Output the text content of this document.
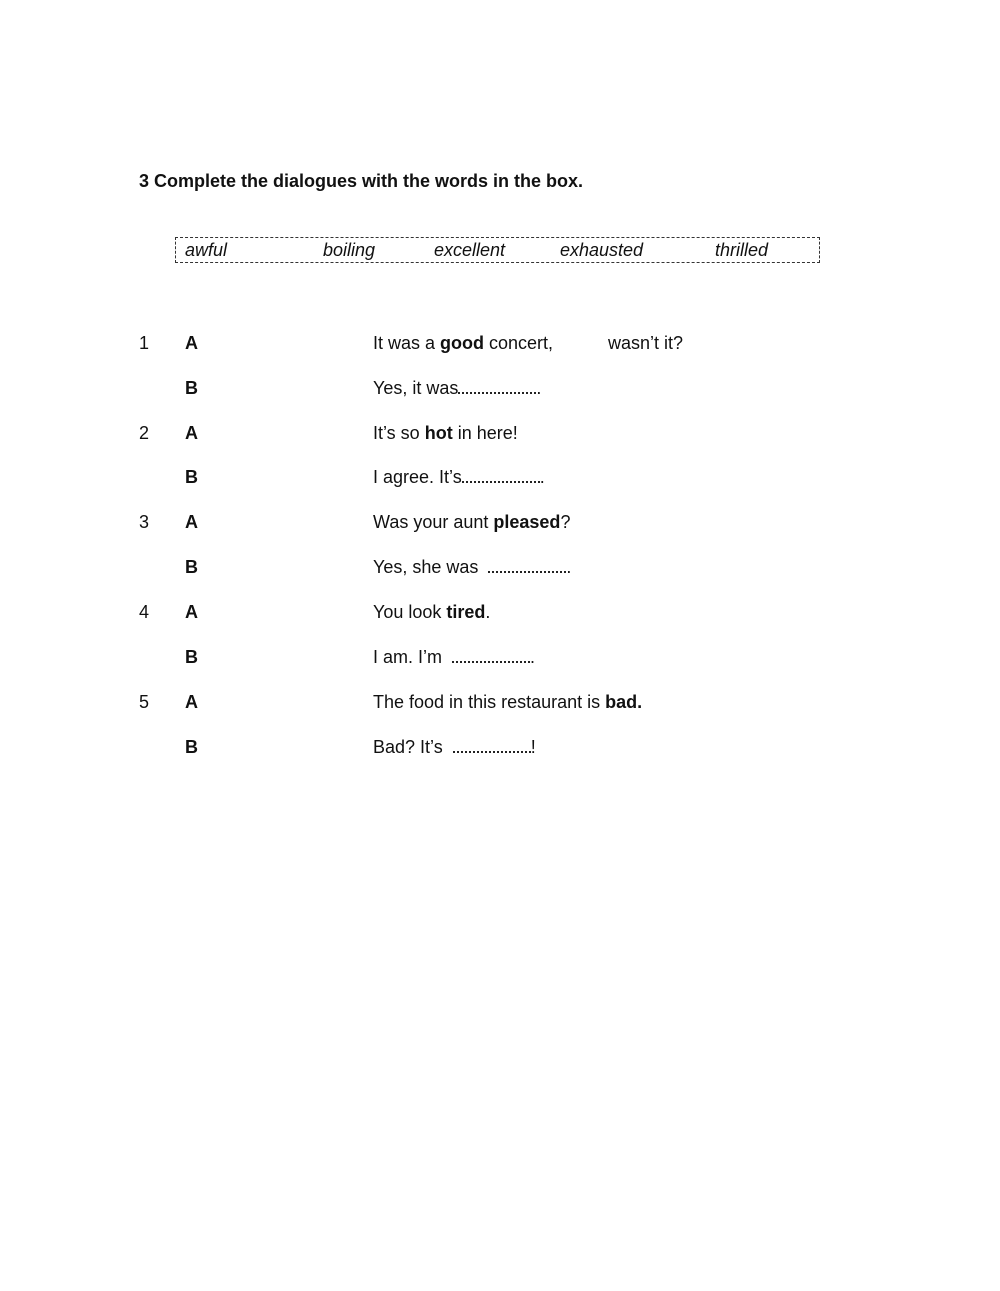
3 Complete the dialogues with the words in the box.
awful	boiling	excellent	exhausted	thrilled
1 A	It was a good concert,	wasn’t it?
B	Yes, it was	.
2 A	It’s so hot in here!
B	I agree. It’s	.
3 A	Was your aunt pleased?
B	Yes, she was	.
4 A	You look tired.
B	I am. I’m	.
5 A	The food in this restaurant is bad.
B	Bad? It’s	!
